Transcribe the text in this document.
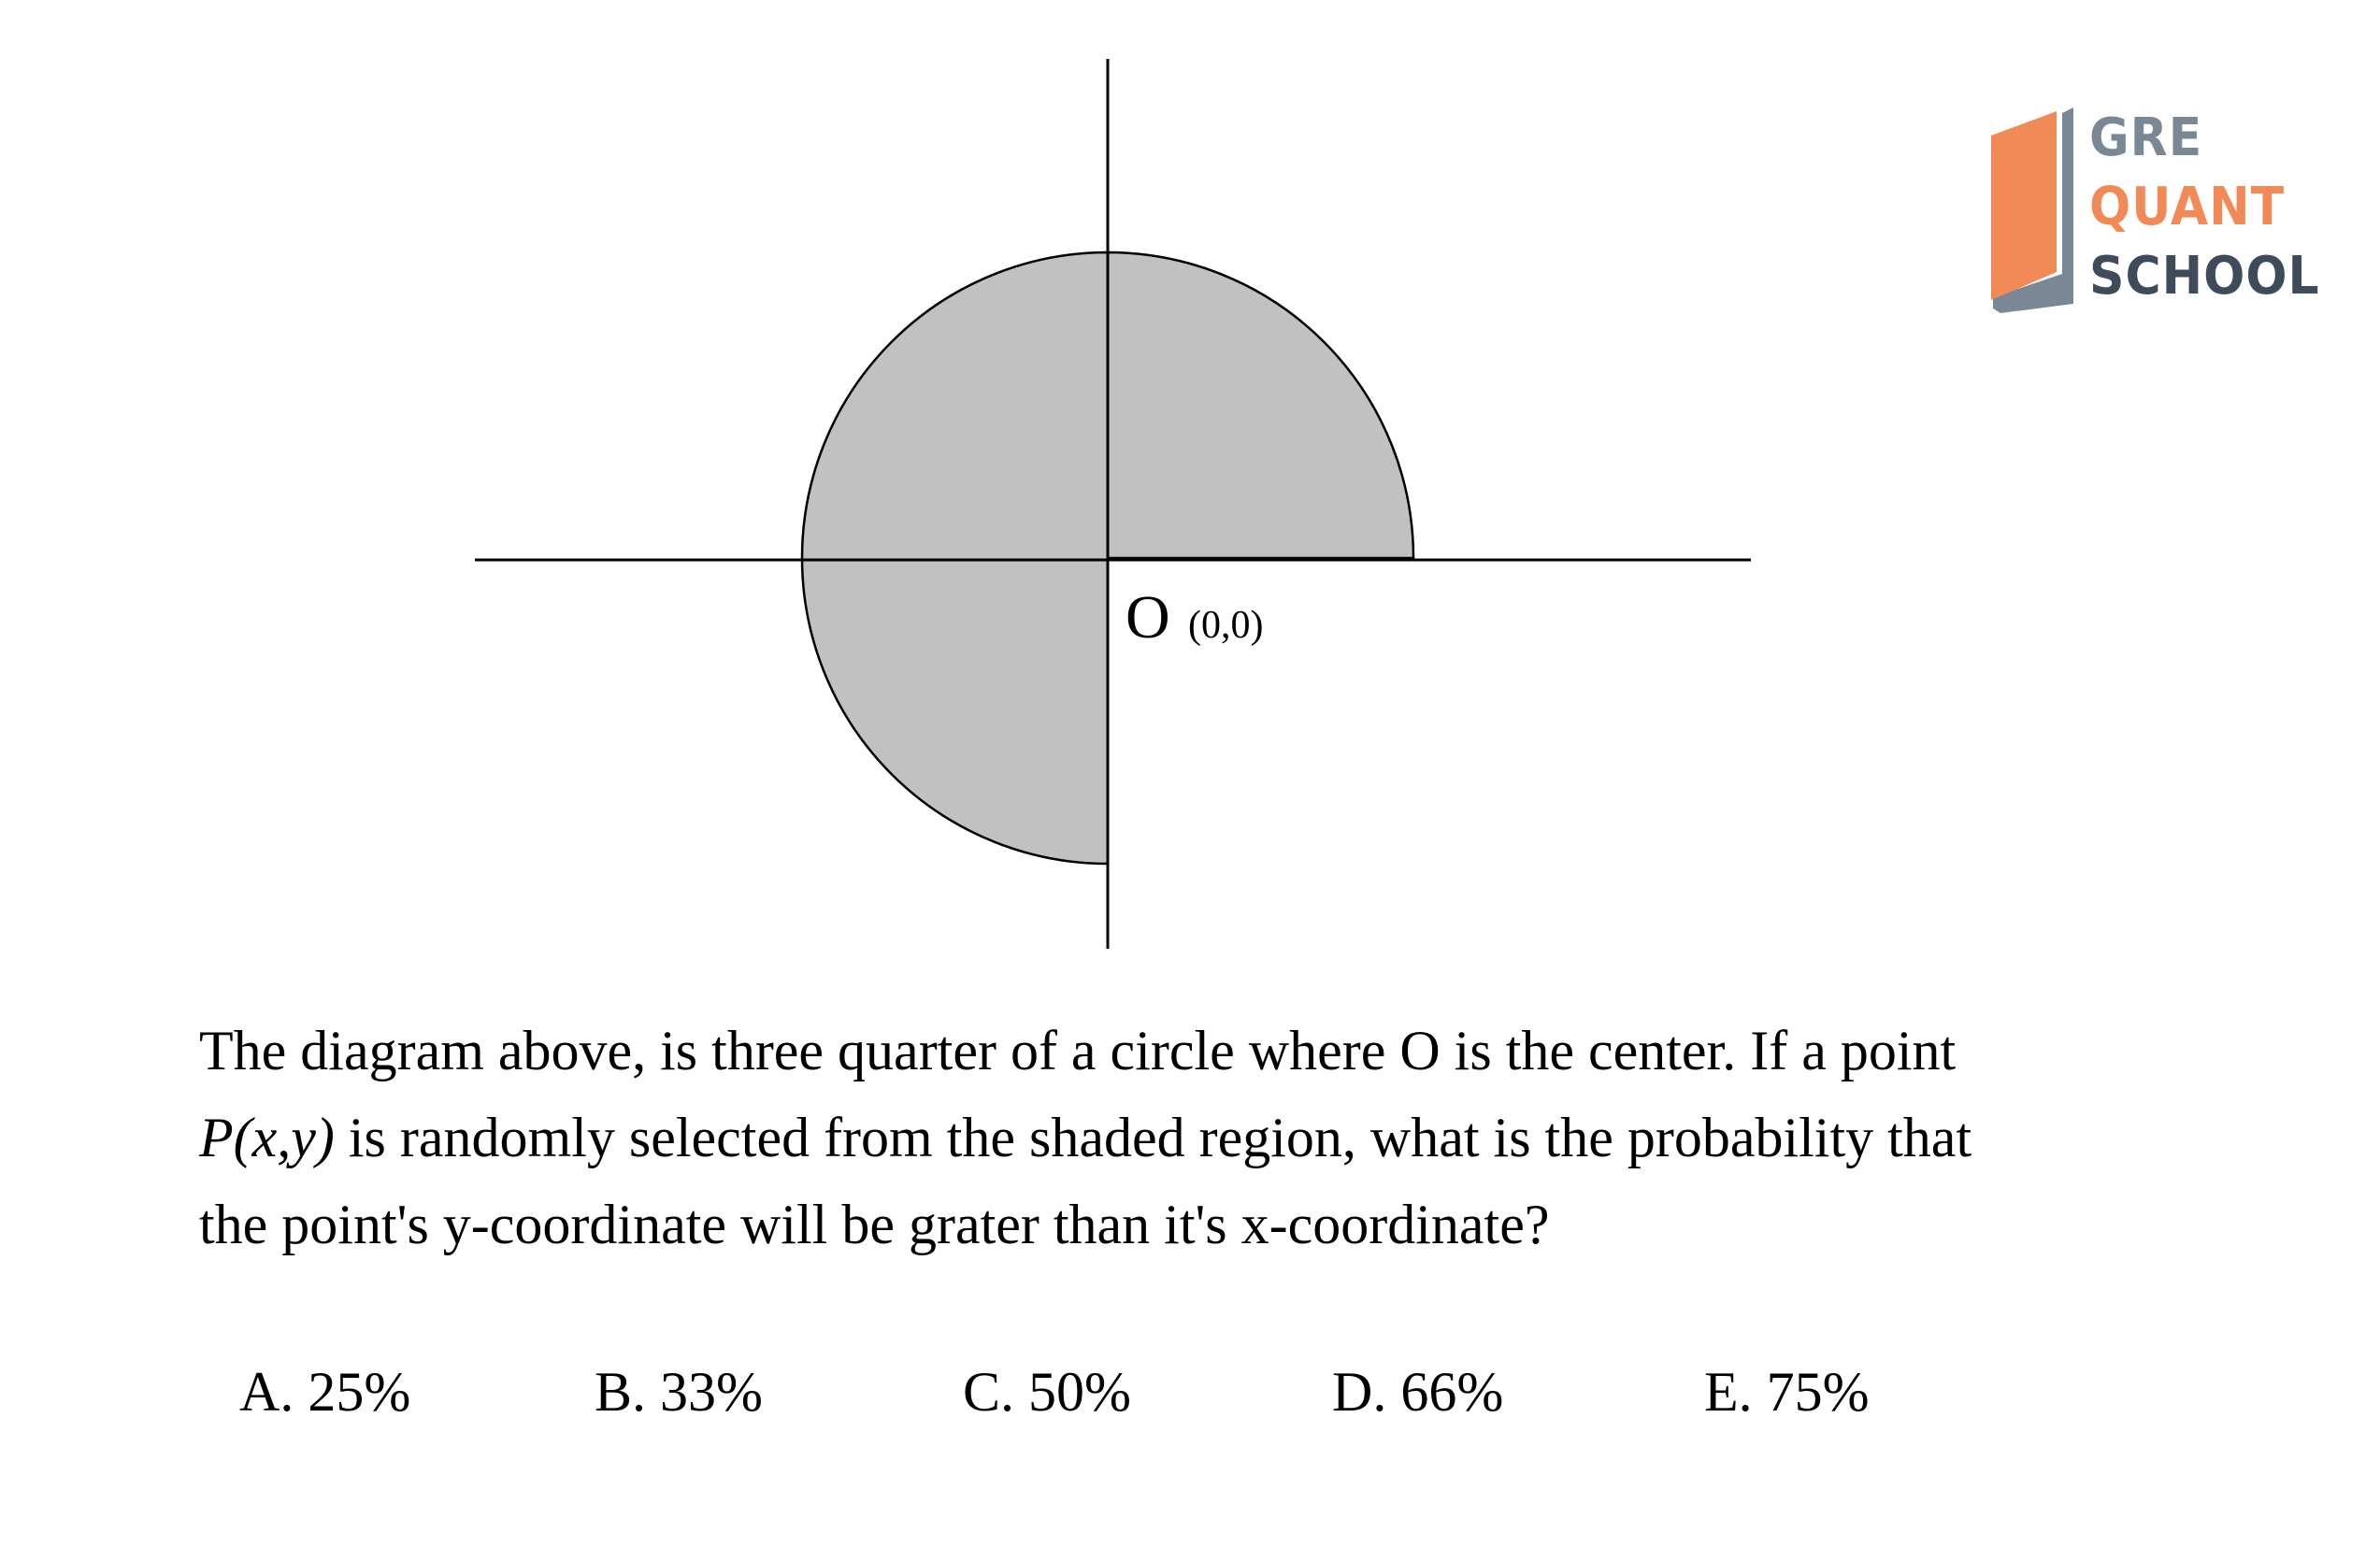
O (0,0)
GRE
QUANT
SCHOOL

The diagram above, is three quarter of a circle where O is the center. If a point

P(x,y) is randomly selected from the shaded region, what is the probability that

the point's y-coordinate will be grater than it's x-coordinate?

A. 25%	B. 33%	C. 50%	D. 66%	E. 75%
